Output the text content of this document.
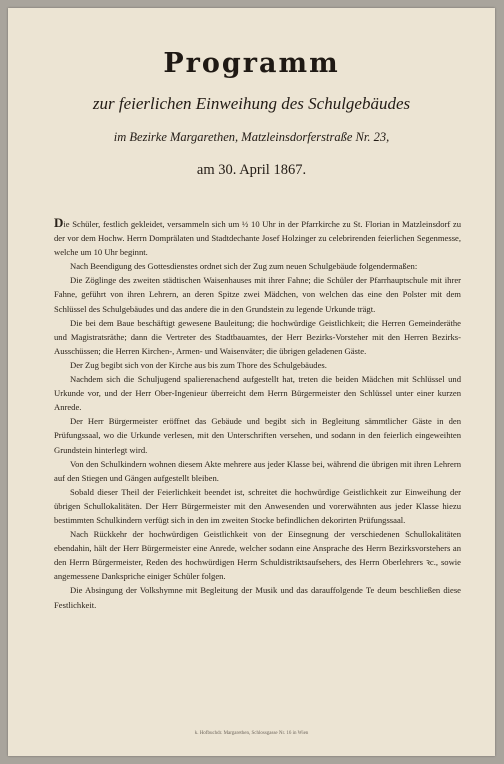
Programm
zur feierlichen Einweihung des Schulgebäudes
im Bezirke Margarethen, Matzleinsdorferstraße Nr. 23,
am 30. April 1867.

Die Schüler, festlich gekleidet, versammeln sich um ½ 10 Uhr in der Pfarrkirche zu St. Florian in Matzleinsdorf zu der vor dem Hochw. Herrn Domprälaten und Stadtdechante Josef Holzinger zu celebrirenden feierlichen Segenmesse, welche um 10 Uhr beginnt.

Nach Beendigung des Gottesdienstes ordnet sich der Zug zum neuen Schulgebäude folgendermaßen:

Die Zöglinge des zweiten städtischen Waisenhauses mit ihrer Fahne; die Schüler der Pfarrhauptschule mit ihrer Fahne, geführt von ihren Lehrern, an deren Spitze zwei Mädchen, von welchen das eine den Polster mit dem Schlüssel des Schulgebäudes und das andere die in den Grundstein zu legende Urkunde trägt.

Die bei dem Baue beschäftigt gewesene Bauleitung; die hochwürdige Geistlichkeit; die Herren Gemeinderäthe und Magistratsräthe; dann die Vertreter des Stadtbauamtes, der Herr Bezirks-Vorsteher mit den Herren Bezirks-Ausschüssen; die Herren Kirchen-, Armen- und Waisenväter; die übrigen geladenen Gäste.

Der Zug begibt sich von der Kirche aus bis zum Thore des Schulgebäudes.

Nachdem sich die Schuljugend spalierenachend aufgestellt hat, treten die beiden Mädchen mit Schlüssel und Urkunde vor, und der Herr Ober-Ingenieur überreicht dem Herrn Bürgermeister den Schlüssel unter einer kurzen Anrede.

Der Herr Bürgermeister eröffnet das Gebäude und begibt sich in Begleitung sämmtlicher Gäste in den Prüfungssaal, wo die Urkunde verlesen, mit den Unterschriften versehen, und sodann in den feierlich eingeweihten Grundstein hinterlegt wird.

Von den Schulkindern wohnen diesem Akte mehrere aus jeder Klasse bei, während die übrigen mit ihren Lehrern auf den Stiegen und Gängen aufgestellt bleiben.

Sobald dieser Theil der Feierlichkeit beendet ist, schreitet die hochwürdige Geistlichkeit zur Einweihung der übrigen Schullokalitäten. Der Herr Bürgermeister mit den Anwesenden und vorerwähnten aus jeder Klasse hiezu bestimmten Schulkindern verfügt sich in den im zweiten Stocke befindlichen dekorirten Prüfungssaal.

Nach Rückkehr der hochwürdigen Geistlichkeit von der Einsegnung der verschiedenen Schullokalitäten ebendahin, hält der Herr Bürgermeister eine Anrede, welcher sodann eine Ansprache des Herrn Bezirksvorstehers an den Herrn Bürgermeister, Reden des hochwürdigen Herrn Schuldistriktsaufsehers, des Herrn Oberlehrers ꝛc., sowie angemessene Dankspriche einiger Schüler folgen.

Die Absingung der Volkshymne mit Begleitung der Musik und das darauffolgende Te deum beschließen diese Festlichkeit.

k. Hofbuchdr. Margarethen, Schlossgasse Nr. 16 in Wien
